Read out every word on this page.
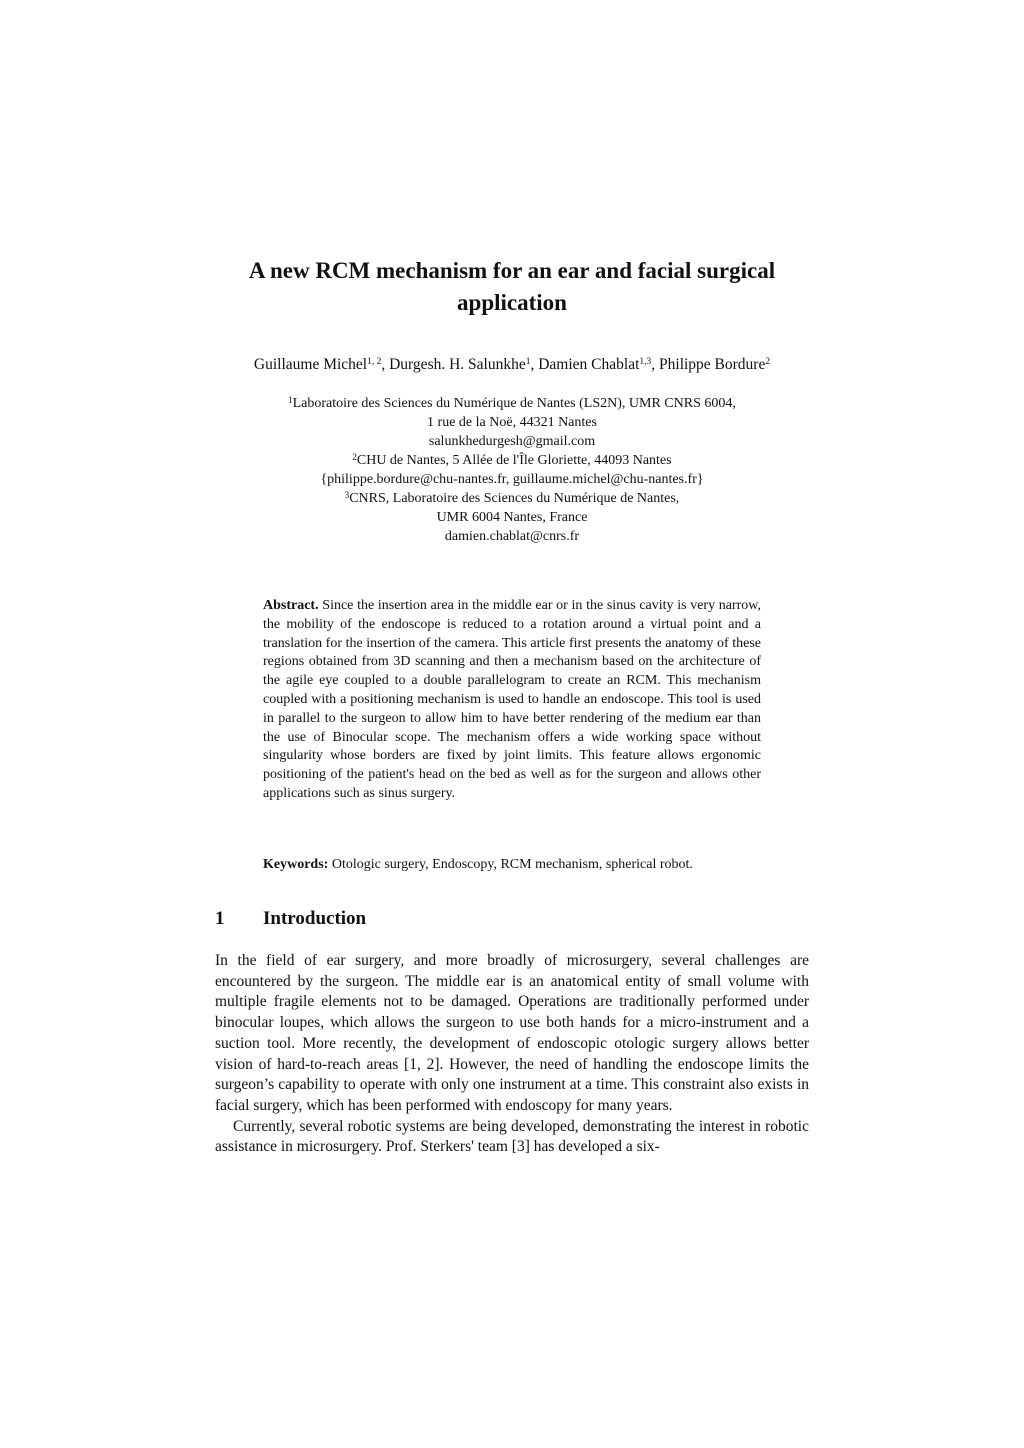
A new RCM mechanism for an ear and facial surgical application
Guillaume Michel$^{1, 2}$, Durgesh. H. Salunkhe$^1$, Damien Chablat$^{1,3}$, Philippe Bordure$^2$
$^1$Laboratoire des Sciences du Numérique de Nantes (LS2N), UMR CNRS 6004,
1 rue de la Noë, 44321 Nantes
salunkhedurgesh@gmail.com
$^2$CHU de Nantes, 5 Allée de l'Île Gloriette, 44093 Nantes
{philippe.bordure@chu-nantes.fr, guillaume.michel@chu-nantes.fr}
$^3$CNRS, Laboratoire des Sciences du Numérique de Nantes,
UMR 6004 Nantes, France
damien.chablat@cnrs.fr
Abstract. Since the insertion area in the middle ear or in the sinus cavity is very narrow, the mobility of the endoscope is reduced to a rotation around a virtual point and a translation for the insertion of the camera. This article first presents the anatomy of these regions obtained from 3D scanning and then a mechanism based on the architecture of the agile eye coupled to a double parallelogram to create an RCM. This mechanism coupled with a positioning mechanism is used to handle an endoscope. This tool is used in parallel to the surgeon to allow him to have better rendering of the medium ear than the use of Binocular scope. The mechanism offers a wide working space without singularity whose borders are fixed by joint limits. This feature allows ergonomic positioning of the patient's head on the bed as well as for the surgeon and allows other applications such as sinus surgery.
Keywords: Otologic surgery, Endoscopy, RCM mechanism, spherical robot.
1 Introduction

In the field of ear surgery, and more broadly of microsurgery, several challenges are encountered by the surgeon. The middle ear is an anatomical entity of small volume with multiple fragile elements not to be damaged. Operations are traditionally performed under binocular loupes, which allows the surgeon to use both hands for a micro-instrument and a suction tool. More recently, the development of endoscopic otologic surgery allows better vision of hard-to-reach areas [1, 2]. However, the need of handling the endoscope limits the surgeon’s capability to operate with only one instrument at a time. This constraint also exists in facial surgery, which has been performed with endoscopy for many years.

Currently, several robotic systems are being developed, demonstrating the interest in robotic assistance in microsurgery. Prof. Sterkers' team [3] has developed a six-
